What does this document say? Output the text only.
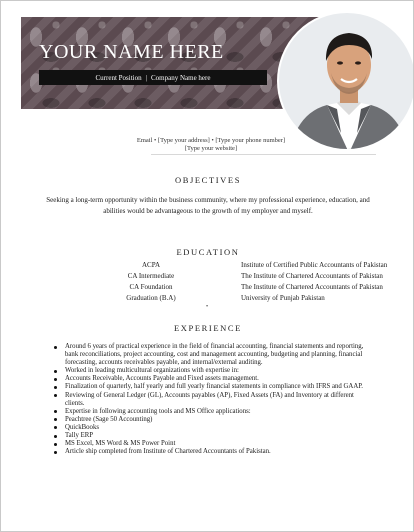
YOUR NAME HERE
Current Position | Company Name here
Email • [Type your address] • [Type your phone number]
[Type your website]
OBJECTIVES
Seeking a long-term opportunity within the business community, where my professional experience, education, and abilities would be advantageous to the growth of my employer and myself.
EDUCATION
ACPA	Institute of Certified Public Accountants of Pakistan
CA Intermediate	The Institute of Chartered Accountants of Pakistan
CA Foundation	The Institute of Chartered Accountants of Pakistan
Graduation (B.A)	University of Punjab Pakistan
•
EXPERIENCE
Around 6 years of practical experience in the field of financial accounting, financial statements and reporting, bank reconciliations, project accounting, cost and management accounting, budgeting and planning, financial forecasting, accounts receivables payable, and internal/external auditing.
Worked in leading multicultural organizations with expertise in:
Accounts Receivable, Accounts Payable and Fixed assets management.
Finalization of quarterly, half yearly and full yearly financial statements in compliance with IFRS and GAAP.
Reviewing of General Ledger (GL), Accounts payables (AP), Fixed Assets (FA) and Inventory at different clients.
Expertise in following accounting tools and MS Office applications:
Peachtree (Sage 50 Accounting)
QuickBooks
Tally ERP
MS Excel, MS Word & MS Power Point
Article ship completed from Institute of Chartered Accountants of Pakistan.
